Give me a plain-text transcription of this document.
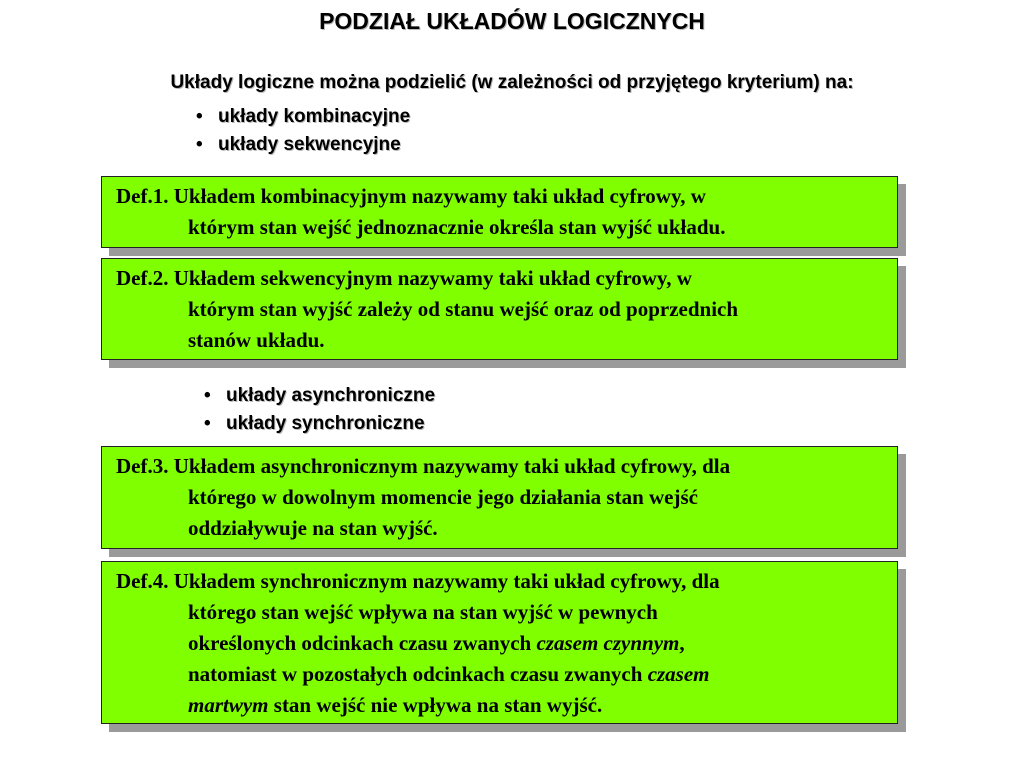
PODZIAŁ UKŁADÓW LOGICZNYCH
Układy logiczne można podzielić (w zależności od przyjętego kryterium) na:
• układy kombinacyjne
• układy sekwencyjne
Def.1. Układem kombinacyjnym nazywamy taki układ cyfrowy, w
którym stan wejść jednoznacznie określa stan wyjść układu.
Def.2. Układem sekwencyjnym nazywamy taki układ cyfrowy, w
którym stan wyjść zależy od stanu wejść oraz od poprzednich
stanów układu.
• układy asynchroniczne
• układy synchroniczne
Def.3. Układem asynchronicznym nazywamy taki układ cyfrowy, dla
którego w dowolnym momencie jego działania stan wejść
oddziaływuje na stan wyjść.
Def.4. Układem synchronicznym nazywamy taki układ cyfrowy, dla
którego stan wejść wpływa na stan wyjść w pewnych
określonych odcinkach czasu zwanych czasem czynnym,
natomiast w pozostałych odcinkach czasu zwanych czasem
martwym stan wejść nie wpływa na stan wyjść.
